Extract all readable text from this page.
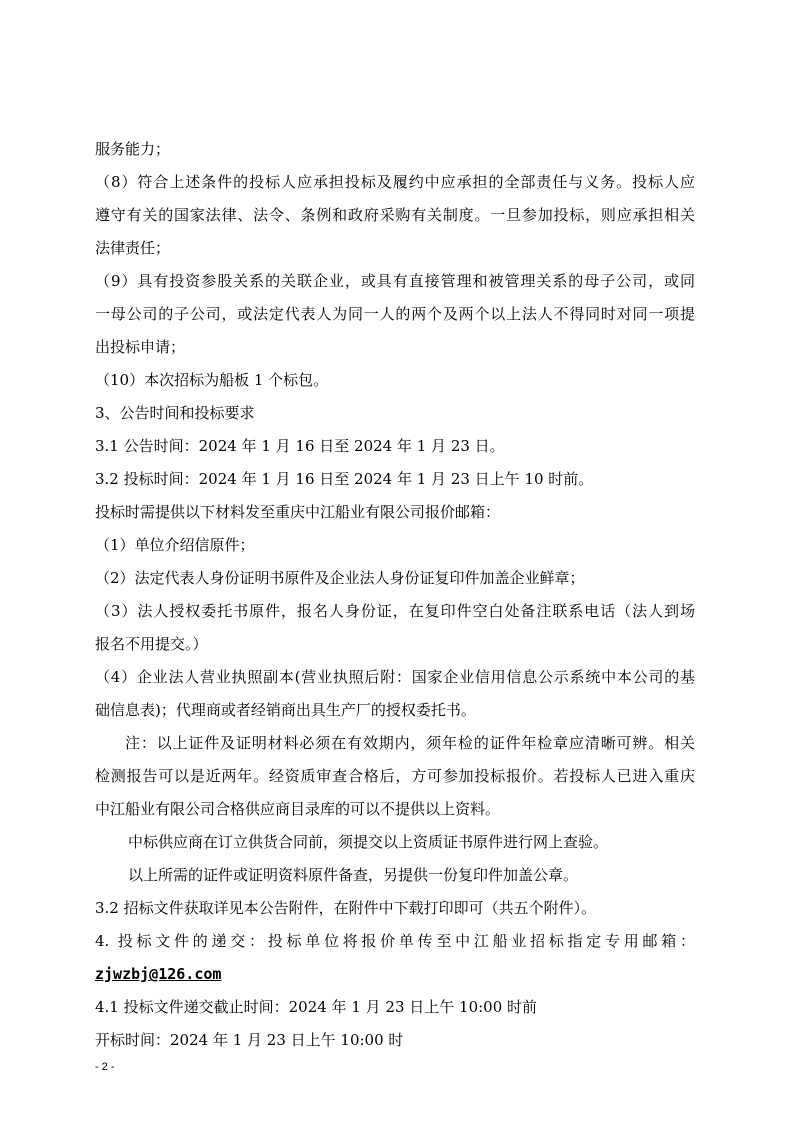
服务能力；
（8）符合上述条件的投标人应承担投标及履约中应承担的全部责任与义务。投标人应
遵守有关的国家法律、法令、条例和政府采购有关制度。一旦参加投标，则应承担相关
法律责任；
（9）具有投资参股关系的关联企业，或具有直接管理和被管理关系的母子公司，或同
一母公司的子公司，或法定代表人为同一人的两个及两个以上法人不得同时对同一项提
出投标申请；
（10）本次招标为船板 1 个标包。
3、公告时间和投标要求
3.1 公告时间：2024 年 1 月 16 日至 2024 年 1 月 23 日。
3.2 投标时间：2024 年 1 月 16 日至 2024 年 1 月 23 日上午 10 时前。
投标时需提供以下材料发至重庆中江船业有限公司报价邮箱：
（1）单位介绍信原件；
（2）法定代表人身份证明书原件及企业法人身份证复印件加盖企业鲜章；
（3）法人授权委托书原件，报名人身份证，在复印件空白处备注联系电话（法人到场
报名不用提交。）
（4）企业法人营业执照副本(营业执照后附：国家企业信用信息公示系统中本公司的基
础信息表)；代理商或者经销商出具生产厂的授权委托书。
注：以上证件及证明材料必须在有效期内，须年检的证件年检章应清晰可辨。相关
检测报告可以是近两年。经资质审查合格后，方可参加投标报价。若投标人已进入重庆
中江船业有限公司合格供应商目录库的可以不提供以上资料。
中标供应商在订立供货合同前，须提交以上资质证书原件进行网上查验。
以上所需的证件或证明资料原件备查，另提供一份复印件加盖公章。
3.2 招标文件获取详见本公告附件，在附件中下载打印即可（共五个附件）。
4. 投标文件的递交：投标单位将报价单传至中江船业招标指定专用邮箱：
zjwzbj@126.com
4.1 投标文件递交截止时间：2024 年 1 月 23 日上午 10:00 时前
开标时间：2024 年 1 月 23 日上午 10:00 时
- 2 -
